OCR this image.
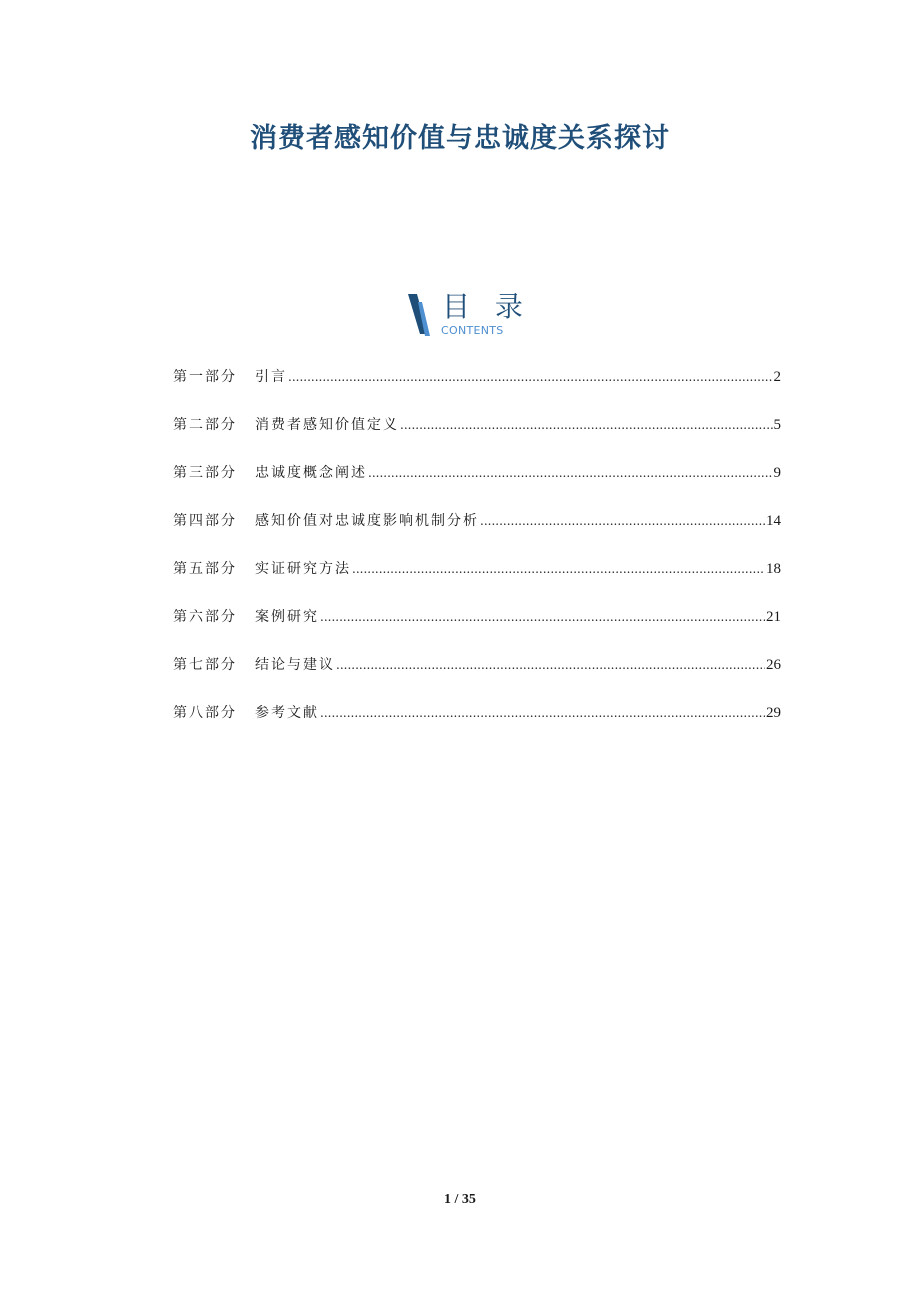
消费者感知价值与忠诚度关系探讨
目 录
CONTENTS
第一部分	引言 .....	2
第二部分	消费者感知价值定义 .....	5
第三部分	忠诚度概念阐述 .....	9
第四部分	感知价值对忠诚度影响机制分析 .....	14
第五部分	实证研究方法 .....	18
第六部分	案例研究 .....	21
第七部分	结论与建议 .....	26
第八部分	参考文献 .....	29
1 / 35
